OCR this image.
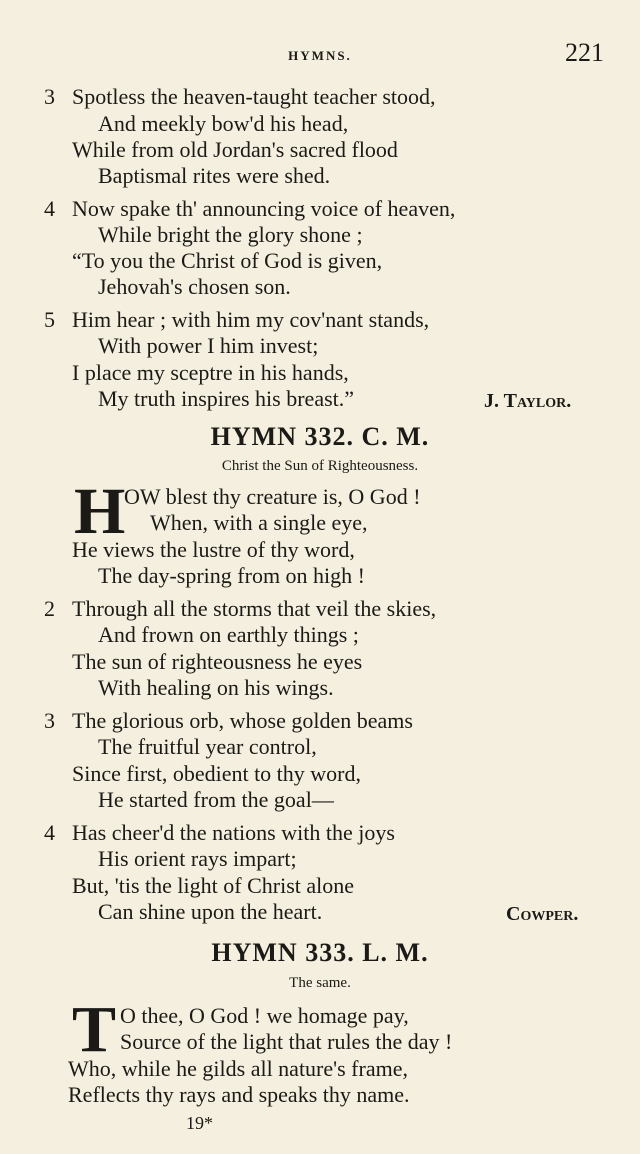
HYMNS.	221
3 Spotless the heaven-taught teacher stood,
And meekly bow'd his head,
While from old Jordan's sacred flood
Baptismal rites were shed.
4 Now spake th' announcing voice of heaven,
While bright the glory shone ;
“To you the Christ of God is given,
Jehovah's chosen son.
5 Him hear ; with him my cov'nant stands,
With power I him invest;
I place my sceptre in his hands,
My truth inspires his breast.”	J. Taylor.
HYMN 332. C. M.
Christ the Sun of Righteousness.
H
OW blest thy creature is, O God !
When, with a single eye,
He views the lustre of thy word,
The day-spring from on high !
2 Through all the storms that veil the skies,
And frown on earthly things ;
The sun of righteousness he eyes
With healing on his wings.
3 The glorious orb, whose golden beams
The fruitful year control,
Since first, obedient to thy word,
He started from the goal—
4 Has cheer'd the nations with the joys
His orient rays impart;
But, 'tis the light of Christ alone
Can shine upon the heart.	Cowper.
HYMN 333. L. M.
The same.
T O thee, O God ! we homage pay,
Source of the light that rules the day !
Who, while he gilds all nature's frame,
Reflects thy rays and speaks thy name.
19*
